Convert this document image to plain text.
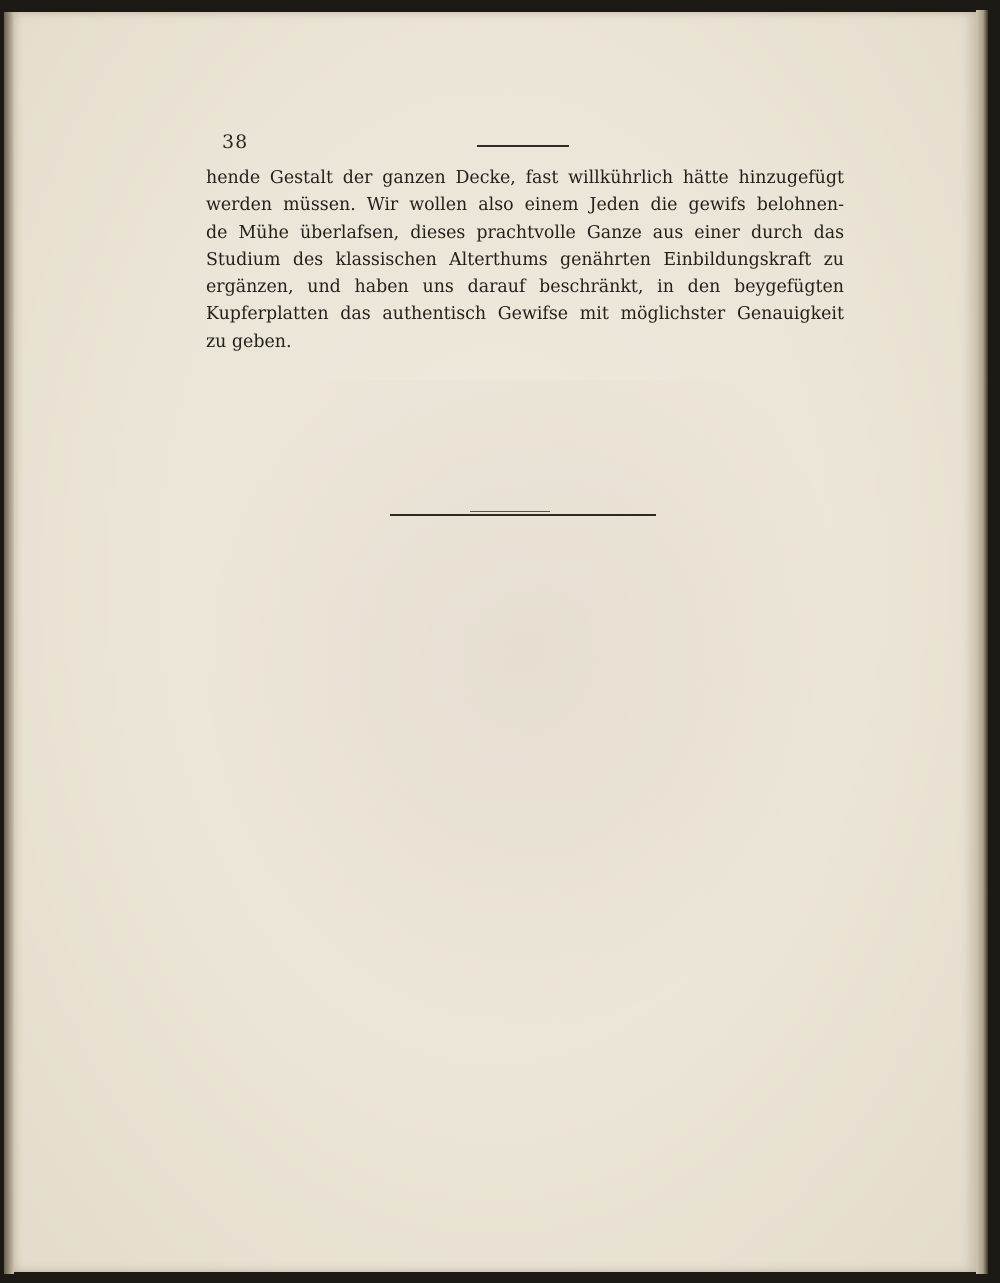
38
hende Gestalt der ganzen Decke, fast willkührlich hätte hinzugefügt
werden müssen. Wir wollen also einem Jeden die gewifs belohnen-
de Mühe überlafsen, dieses prachtvolle Ganze aus einer durch das
Studium des klassischen Alterthums genährten Einbildungskraft zu
ergänzen, und haben uns darauf beschränkt, in den beygefügten
Kupferplatten das authentisch Gewifse mit möglichster Genauigkeit
zu geben.
